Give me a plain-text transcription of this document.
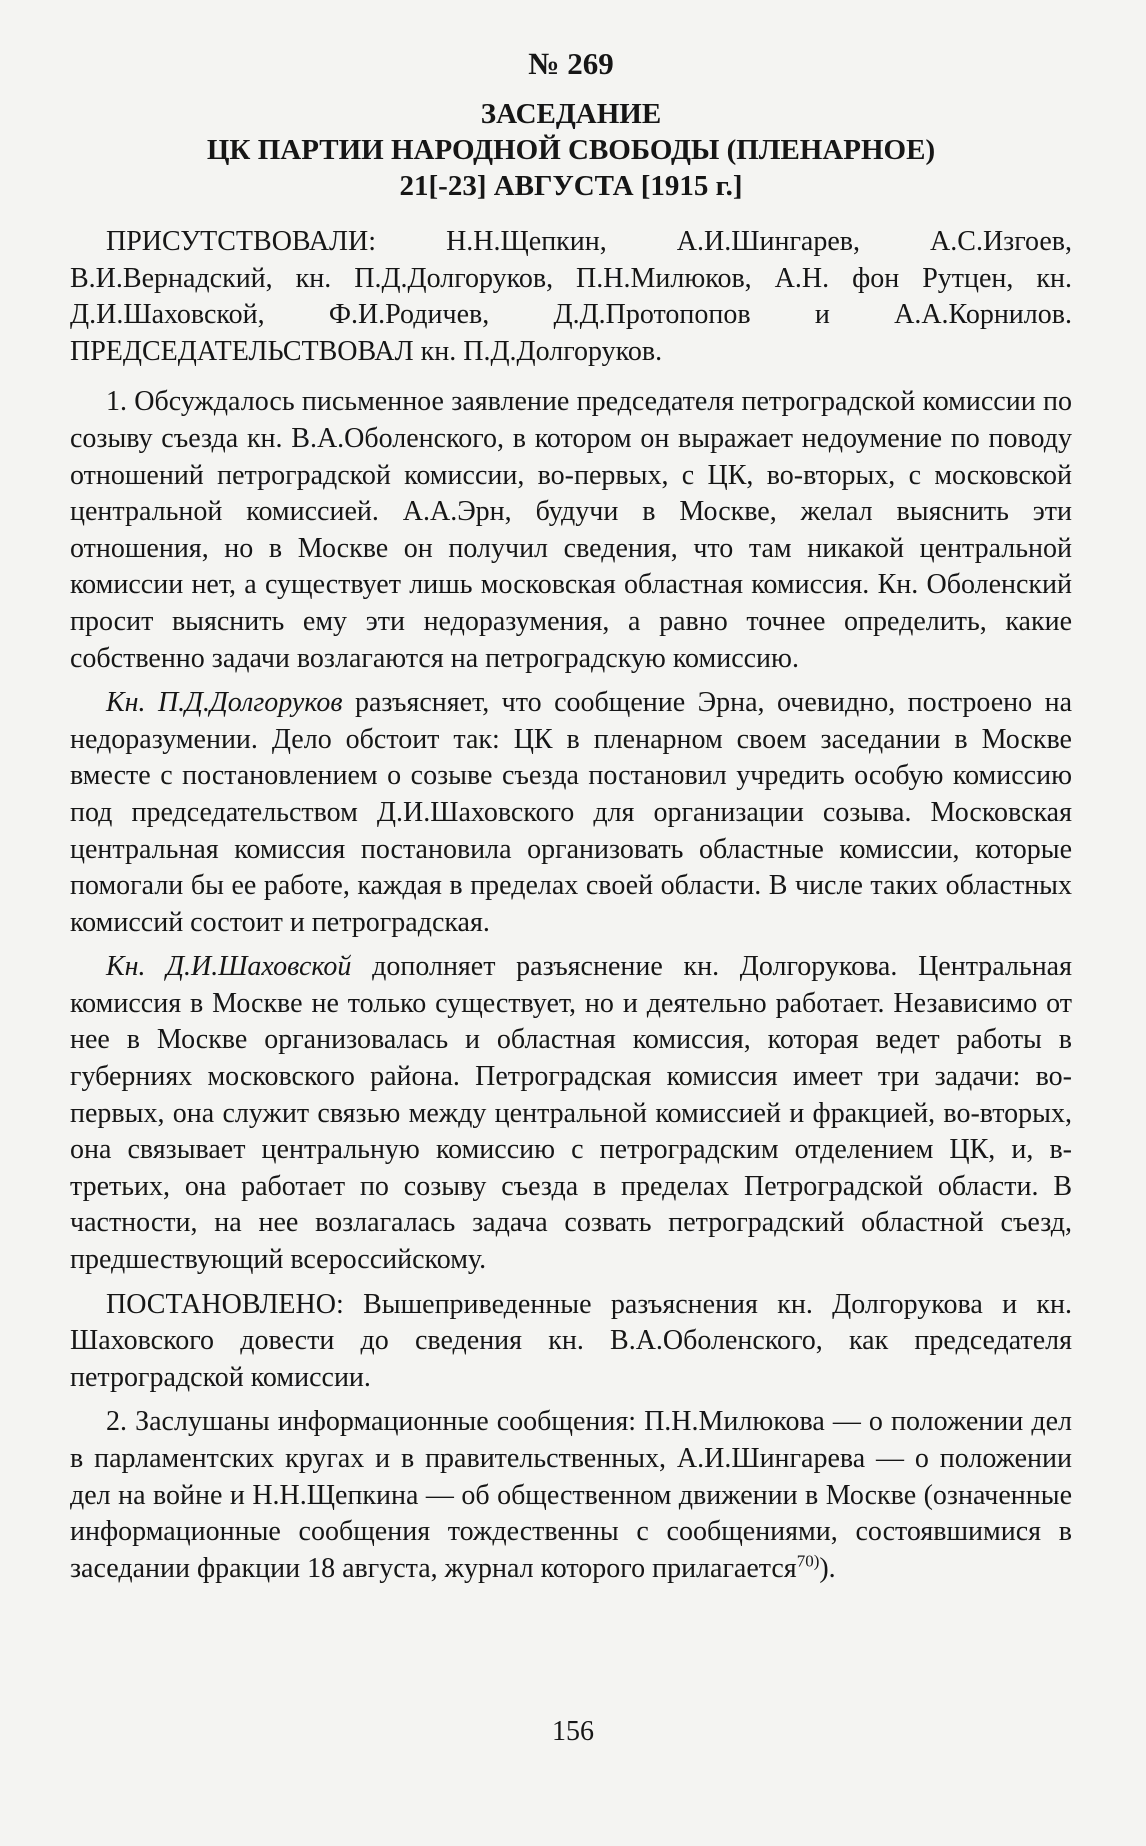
№ 269

ЗАСЕДАНИЕ

ЦК ПАРТИИ НАРОДНОЙ СВОБОДЫ (ПЛЕНАРНОЕ)

21[-23] АВГУСТА [1915 г.]

ПРИСУТСТВОВАЛИ: Н.Н.Щепкин, А.И.Шингарев, А.С.Изгоев, В.И.Вернадский, кн. П.Д.Долгоруков, П.Н.Милюков, А.Н. фон Рутцен, кн. Д.И.Шаховской, Ф.И.Родичев, Д.Д.Протопопов и А.А.Корнилов. ПРЕДСЕДАТЕЛЬСТВОВАЛ кн. П.Д.Долгоруков.

1. Обсуждалось письменное заявление председателя петроградской комиссии по созыву съезда кн. В.А.Оболенского, в котором он выражает недоумение по поводу отношений петроградской комиссии, во-первых, с ЦК, во-вторых, с московской центральной комиссией. А.А.Эрн, будучи в Москве, желал выяснить эти отношения, но в Москве он получил сведения, что там никакой центральной комиссии нет, а существует лишь московская областная комиссия. Кн. Оболенский просит выяснить ему эти недоразумения, а равно точнее определить, какие собственно задачи возлагаются на петроградскую комиссию.

Кн. П.Д.Долгоруков разъясняет, что сообщение Эрна, очевидно, построено на недоразумении. Дело обстоит так: ЦК в пленарном своем заседании в Москве вместе с постановлением о созыве съезда постановил учредить особую комиссию под председательством Д.И.Шаховского для организации созыва. Московская центральная комиссия постановила организовать областные комиссии, которые помогали бы ее работе, каждая в пределах своей области. В числе таких областных комиссий состоит и петроградская.

Кн. Д.И.Шаховской дополняет разъяснение кн. Долгорукова. Центральная комиссия в Москве не только существует, но и деятельно работает. Независимо от нее в Москве организовалась и областная комиссия, которая ведет работы в губерниях московского района. Петроградская комиссия имеет три задачи: во-первых, она служит связью между центральной комиссией и фракцией, во-вторых, она связывает центральную комиссию с петроградским отделением ЦК, и, в-третьих, она работает по созыву съезда в пределах Петроградской области. В частности, на нее возлагалась задача созвать петроградский областной съезд, предшествующий всероссийскому.

ПОСТАНОВЛЕНО: Вышеприведенные разъяснения кн. Долгорукова и кн. Шаховского довести до сведения кн. В.А.Оболенского, как председателя петроградской комиссии.

2. Заслушаны информационные сообщения: П.Н.Милюкова — о положении дел в парламентских кругах и в правительственных, А.И.Шингарева — о положении дел на войне и Н.Н.Щепкина — об общественном движении в Москве (означенные информационные сообщения тождественны с сообщениями, состоявшимися в заседании фракции 18 августа, журнал которого прилагается$^{70)}$).

156
